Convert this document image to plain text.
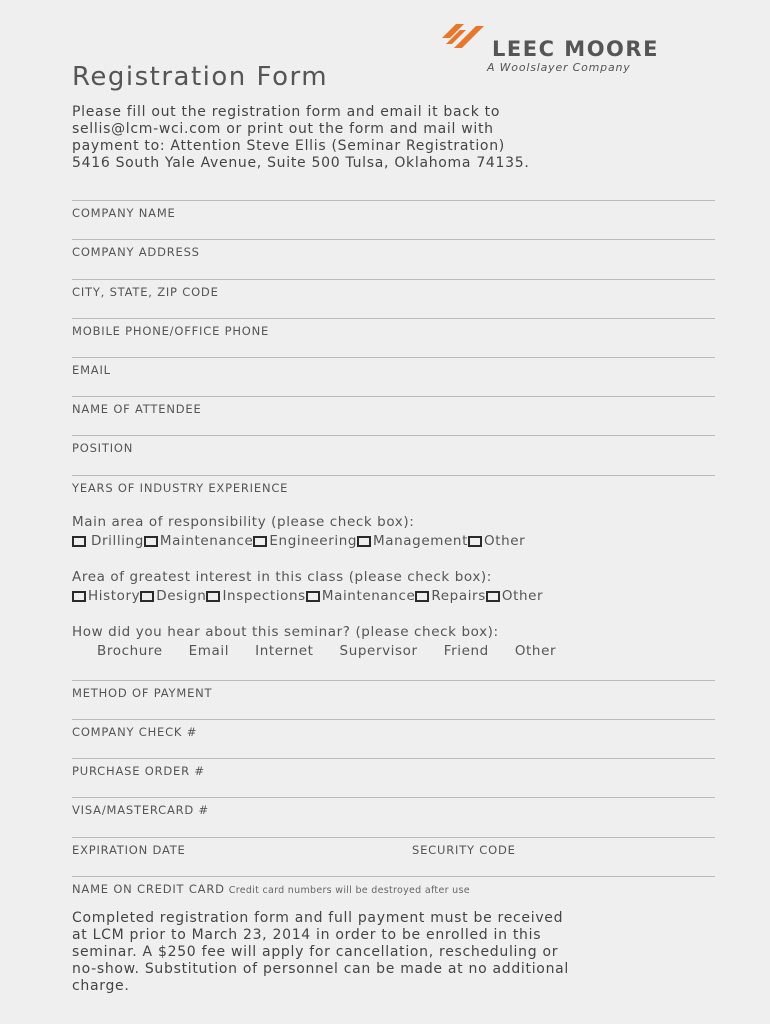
LEEC MOORE
A Woolslayer Company
Registration Form
Please fill out the registration form and email it back to
sellis@lcm-wci.com or print out the form and mail with
payment to: Attention Steve Ellis (Seminar Registration)
5416 South Yale Avenue, Suite 500 Tulsa, Oklahoma 74135.
COMPANY NAME
COMPANY ADDRESS
CITY, STATE, ZIP CODE
MOBILE PHONE/OFFICE PHONE
EMAIL
NAME OF ATTENDEE
POSITION
YEARS OF INDUSTRY EXPERIENCE
Main area of responsibility (please check box):
Drilling Maintenance Engineering Management Other
Area of greatest interest in this class (please check box):
History Design Inspections Maintenance Repairs Other
How did you hear about this seminar? (please check box):
Brochure Email Internet Supervisor Friend Other
METHOD OF PAYMENT
COMPANY CHECK #
PURCHASE ORDER #
VISA/MASTERCARD #
EXPIRATION DATE	SECURITY CODE
NAME ON CREDIT CARD Credit card numbers will be destroyed after use
Completed registration form and full payment must be received
at LCM prior to March 23, 2014 in order to be enrolled in this
seminar. A $250 fee will apply for cancellation, rescheduling or
no-show. Substitution of personnel can be made at no additional
charge.
